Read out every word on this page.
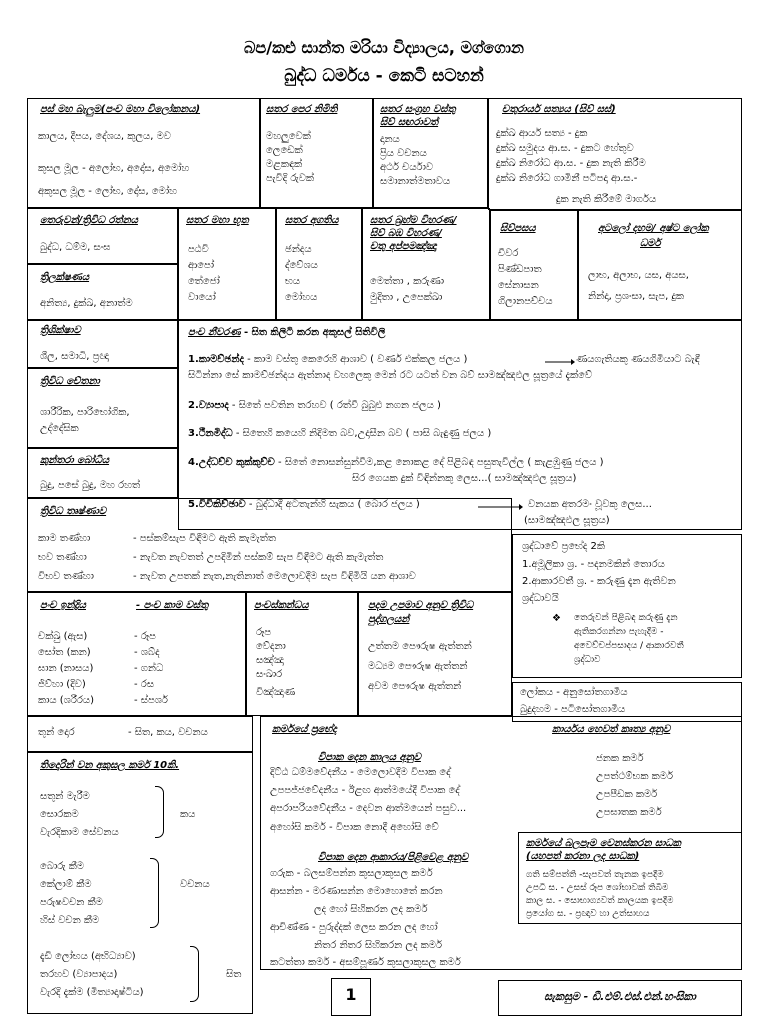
බප/කළු සාන්ත මරියා විද්‍යාලය, මග්ගොන
බුද්ධ ධර්මය - කෙටි සටහන්
පස් මහ බැලුම(පංච මහා විලෝකනය)
කාලය, දීපය, දේශය, කුලය, මව
කුසල මූල - අලෝභ, අදෝස, අමෝහ
අකුසල මූල - ලෝභ, දෝස, මෝහ
සතර පෙර නිමිති
මහලුවෙක්
ලෙඩෙක්
මළකඳක්
පැවිදි රුවක්
සතර සංග්‍රහ වස්තු
සිව් සඟරාවත්
දානය
ප්‍රිය වචනය
අර්ථ චර්යාව
සමානාත්මතාවය
චතුරාර්ය සත්‍යය (සිව් සස්)
දුක්ඛ ආර්ය සත්‍ය - දුක
දුක්ඛ සමුදය ආ.ස. - දුකට හේතුව
දුක්ඛ නිරෝධ ආ.ස. - දුක නැති කිරීම
දුක්ඛ නිරෝධ ගාමිනී පටිපදා ආ.ස.-
දුක නැති කිරීමේ මාර්ගය
තෙරුවන්/ත්‍රිවිධ රත්නය
බුද්ධ, ධම්ම, සංඝ
සතර මහා භූත
පඨවි
ආපෝ
තේජෝ
වායෝ
සතර අගතිය
ඡන්දය
ද්වේශය
භය
මෝහය
සතර බ්‍රහ්ම විහරණ/
සිව් බඹ විහරණ/
චතු අප්පමඤ්ඤා
මෙත්තා , කරුණා
මුදිතා , උපෙක්ඛා
සිව්පසය
චීවර
පිණ්ඩපාත
සේනාසන
ගිලානපච්චය
අටලෝ දහම/ අෂ්ට ලෝක
ධර්ම
ලාභ, අලාභ, යස, අයස,
නින්දා, ප්‍රශංසා, සැප, දුක
ත්‍රිලක්ෂණය
අනිත්‍ය, දුක්ඛ, අනාත්ම
ත්‍රිශික්ෂාව
ශීල, සමාධි, ප්‍රඥා
ත්‍රිවිධ චේතනා
ශාරීරික, පාරිභෝගික,
උද්දේසික
කුන්තරා බෝධිය
බුදු, පසේ බුදු, මහ රහත්
පංච නීවරණ - සිත කිලිටි කරන අකුසල් සිතිවිලි
1.කාමච්ඡන්ද - කාම වස්තු කෙරෙහි ආශාව ( වර්ණ එක්කල ජලය )	ණයගැතියකු ණයගිමියාට බැඳී
සිටින්නා සේ කාමච්ඡන්දය ඇත්නාද වහලෙකු මෙන් රට යටත් වන බව් සාමඤ්ඤඵල සූත්‍රයේ දැක්වේ
2.ව්‍යාපාද - සිතේ පවතින තරහව ( රත්වී බුබුළු නගන ජලය )
3.ථීනමිද්ධ - සිතෙහි කයෙහි නිදිමත බව,උදාසීන බව ( පාසි බැඳුණු ජලය )
4.උද්ධච්ච කුක්කුච්ච - සිතේ නොසන්සුන්වීම,කළ නොකළ දේ පිළිබඳ පසුතැවීල්ල ( කැළඹුණු ජලය )
සිර ගෙයක දුක් විඳින්නකු ලෙස...( සාමඤ්ඤඵල සූත්‍රය)
5.විචිකිච්ඡාව - බුද්ධාදී අටතැන්හි සැකය ( බොර ජලය )	වනයක අතරමං වූවකු ලෙස...
(සාමඤ්ඤඵල සූත්‍රය)
ත්‍රිවිධ තෘෂ්ණාව
කාම තණ්හා	- පස්කම්සැප විඳීමට ඇති කැමැත්ත
භව තණ්හා	- නැවත නැවතත් උපදිමින් පස්කම් සැප විඳීමට ඇති කැමැත්ත
විභව තණ්හා	- නැවත උපතක් නැත,නැතිනාත් මෙලොවදීම සැප විඳිමියි යන ආශාව
ශ්‍රද්ධාවේ ප්‍රභේද 2කි
1.අමූලිකා ශ්‍ර. - පදනමකින් තොරය
2.ආකාරවතී ශ්‍ර. - කරුණු දැන ඇතිවන
ශ්‍රද්ධාවයි
❖ තෙරුවන් පිළිබඳ කරුණු දැන
ඇතිකරගන්නා පැහැදීම -
අවෙච්චප්පසාදය / ආකාරවතී
ශ්‍රද්ධාව
පංච ඉන්ද්‍රිය	- පංච කාම වස්තු
චක්ඛු (ඇස)	- රූප
සෝත (කන)	- ශබ්ද
ඝාන (නාසය)	- ගන්ධ
ජිව්හා (දිව)	- රස
කාය (ශරීරය)	- ස්පර්ශ
පංචස්කන්ධය
රූප
වේදනා
සඤ්ඤා
සංඛාර
විඤ්ඤාණ
පදම උපමාව අනුව ත්‍රිවිධ
පුද්ගලයන්
උත්තම පෞරුෂ ඇත්තන්
මධ්‍යම පෞරුෂ ඇත්තන්
අවම පෞරුෂ ඇත්තන්
ලෝකය - අනුසෝතගාමීය
බුදුදහම - පටිසෝතගාමීය
තුන් දොර	- සිත, කය, වචනය
තිදොරින් වන අකුසල කර්ම 10කි.
සතුන් මැරීම
සොරකම
වැරදිකාම සේවනය
කය
බොරු කීම
කේලාම් කීම
පරුෂවචන කීම
හිස් වචන කීම
වචනය
දැඩි ලෝභය (අභිධ්‍යාව)
තරහව (ව්‍යාපාදය)
වැරදි දැක්ම (මිත්‍යාදෘෂ්ටිය)
සිත
කර්මයේ ප්‍රභේද	කාර්යය හෙවත් කෘත්‍ය අනුව
විපාක දෙන කාලය අනුව
දිට්ඨ ධම්මවේදනීය - මෙලොවදීම විපාක දේ
උපපජ්ජවේදනීය - ඊළඟ ආත්මයේදී විපාක දේ
අපරාපරියවේදනීය - දෙවන ආත්මයෙන් පසුව...
අහෝසි කර්ම - විපාක නොදී අහෝසි වේ
ජනක කර්ම
උපත්ථම්භක කර්ම
උපපීඩක කර්ම
උපඝාතක කර්ම
විපාක දෙන ආකාරය/පිළිවෙළ අනුව
ගරුක - බලසම්පන්න කුසලාකුසල කර්ම
ආසන්න - මරණාසන්න මොහොතේ කරන
ලද හෝ සිහිකරන ලද කර්ම
ආචිණ්ණ - පුරුද්දක් ලෙස කරන ලද හෝ
නිතර නිතර සිහිකරන ලද කර්ම
කටත්තා කර්ම - අසම්පූර්ණ කුසලාකුසල කර්ම
කර්මයේ බලපෑම වෙනස්කරන සාධක
(යහපත් කරනා ලද සාධක)
ගති සම්පත්ති -සැපවත් තැනක ඉපදීම
උපධි ස. - උසස් රූප ශෝභාවක් තිබීම
කාල ස. - සොභාග්‍යවත් කාලයක ඉපදීම
ප්‍රයෝග ස. - ප්‍රඥාව හා උත්සාහය
1	සැකසුම - ඩී.එම්.එස්.එන්.හංසිකා
